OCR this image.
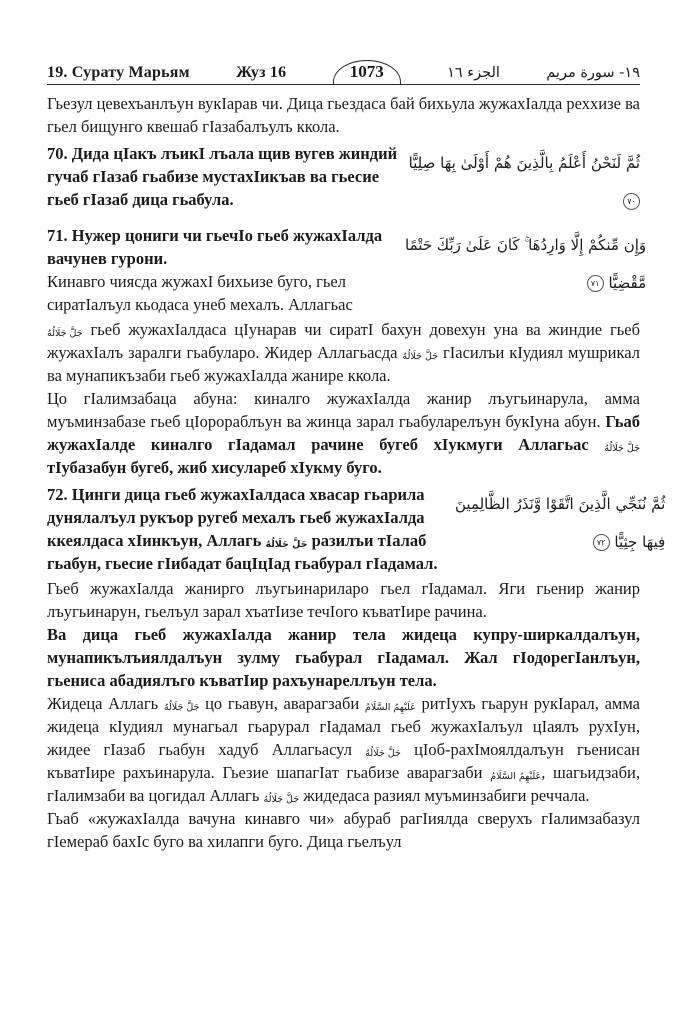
19. Сурату Марьям	Жуз 16	1073	الجزء ١٦	١٩- سورة مريم

Гьезул цевехъанлъун вукIарав чи. Дица гьездаса бай бихьула жужахIалда реххизе ва гьел бищунго квешаб гIазабалъулъ ккола.

70. Дида цIакъ лъикI лъала щив вугев жиндий гучаб гIазаб гьабизе мустахIикъав ва гьесие гьеб гIазаб дица гьабула.
ثُمَّ لَنَحْنُ أَعْلَمُ بِالَّذِينَ هُمْ أَوْلَىٰ بِهَا صِلِيًّا ٧٠
71. Нужер цониги чи гьечIо гьеб жужахIалда вачунев гурони.
Кинавго чиясда жужахI бихьизе буго, гьел сиратIалъул кьодаса унеб мехалъ. Аллагьас
وَإِن مِّنكُمْ إِلَّا وَارِدُهَا ۚ كَانَ عَلَىٰ رَبِّكَ حَتْمًا
مَّقْضِيًّا ٧١

جَلَّ جَلَالُهُ гьеб жужахIалдаса цIунарав чи сиратI бахун довехун уна ва жиндие гьеб жужахIалъ заралги гьабуларо. Жидер Аллагьасда جَلَّ جَلَالُهُ гIасилъи кIудиял мушрикал ва мунапикъзаби гьеб жужахIалда жанире ккола.

Цо гIалимзабаца абуна: киналго жужахIалда жанир лъугьинарула, амма муъминзабазе гьеб цIорораблъун ва жинца зарал гьабуларелъун букIуна абун. Гьаб жужахIалде киналго гIадамал рачине бугеб хIукмуги Аллагьас جَلَّ جَلَالُهُ тIубазабун бугеб, жиб хисулареб хIукму буго.

72. Цинги дица гьеб жужахIалдаса хвасар гьарила дунялалъул рукъор ругеб мехалъ гьеб жужахIалда ккеялдаса хIинкъун, Аллагь جَلَّ جَلَالُهُ разилъи тIалаб гьабун, гьесие гIибадат бацIцIад гьабурал гIадамал.
ثُمَّ نُنَجِّي الَّذِينَ اتَّقَوْا وَّنَذَرُ الظَّالِمِينَ
فِيهَا جِثِيًّا ٧٢

Гьеб жужахIалда жанирго лъугьинариларо гьел гIадамал. Яги гьенир жанир лъугьинарун, гьелъул зарал хъатIизе течIого къватIире рачина.

Ва дица гьеб жужахIалда жанир тела жидеца купру-ширкалдалъун, мунапикълъиялдалъун зулму гьабурал гIадамал. Жал гIодорегIанлъун, гьениса абадиялъго къватIир рахъунареллъун тела.

Жидеца Аллагь جَلَّ جَلَالُهُ цо гьавун, аварагзаби عَلَيْهِمُ السَّلَامُ ритIухъ гьарун рукIарал, амма жидеца кIудиял мунагьал гьарурал гIадамал гьеб жужахIалъул цIаялъ рухIун, жидее гIазаб гьабун хадуб Аллагьасул جَلَّ جَلَالُهُ цIоб-рахIмоялдалъун гьенисан къватIире рахъинарула. Гьезие шапагIат гьабизе аварагзаби عَلَيْهِمُ السَّلَامُ, шагьидзаби, гIалимзаби ва цогидал Аллагь جَلَّ جَلَالُهُ жидедаса разиял муъминзабиги реччала.

Гьаб «жужахIалда вачуна кинавго чи» абураб рагIиялда сверухъ гIалимзабазул гIемераб бахIс буго ва хилапги буго. Дица гьелъул
